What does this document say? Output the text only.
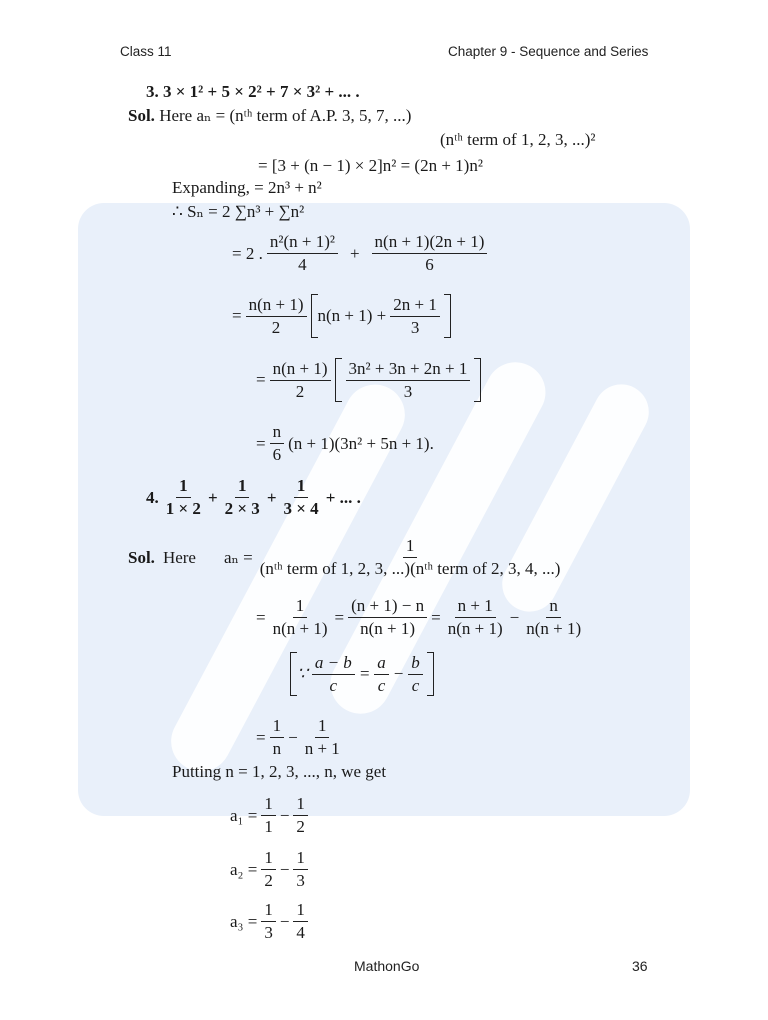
Class 11	Chapter 9 - Sequence and Series
3. 3 × 1² + 5 × 2² + 7 × 3² + ... .
Sol. Here aₙ = (nᵗʰ term of A.P. 3, 5, 7, ...)
(nᵗʰ term of 1, 2, 3, ...)²
= [3 + (n − 1) × 2]n² = (2n + 1)n²
Expanding, = 2n³ + n²
∴ Sₙ = 2 ∑n³ + ∑n²
= 2 . $\frac{\text{n²(n + 1)²}}{4} + \frac{n(n + 1)(2n + 1)}{6}$
= $\frac{n(n + 1)}{2} n(n + 1) + \frac{2n + 1}{3}$
= $\frac{n(n + 1)}{2} \frac{\text{3n² + 3n + 2n + 1}}{3}$
= $\frac{n}{6} (n + 1)(3n^2 + 5n + 1)$.
4. $\frac{1}{1 \times 2} + \frac{1}{2 \times 3} + \frac{1}{3 \times 4}$ + ... .
Sol. Here $a_n = \frac{1}{\text{(nᵗʰ term of 1, 2, 3, ...)(nᵗʰ term of 2, 3, 4, ...)}}$
= $\frac{1}{n(n + 1)} = \frac{(n + 1) - n}{n(n + 1)} = \frac{n + 1}{n(n + 1)} - \frac{n}{n(n + 1)}$
∵ $\frac{a - b}{c} = \frac{a}{c} - \frac{b}{c}$
= $\frac{1}{n} - \frac{1}{n + 1}$
Putting n = 1, 2, 3, ..., n, we get
$a_1 = \frac{1}{1} - \frac{1}{2}$
$a_2 = \frac{1}{2} - \frac{1}{3}$
$a_3 = \frac{1}{3} - \frac{1}{4}$
MathonGo	36
